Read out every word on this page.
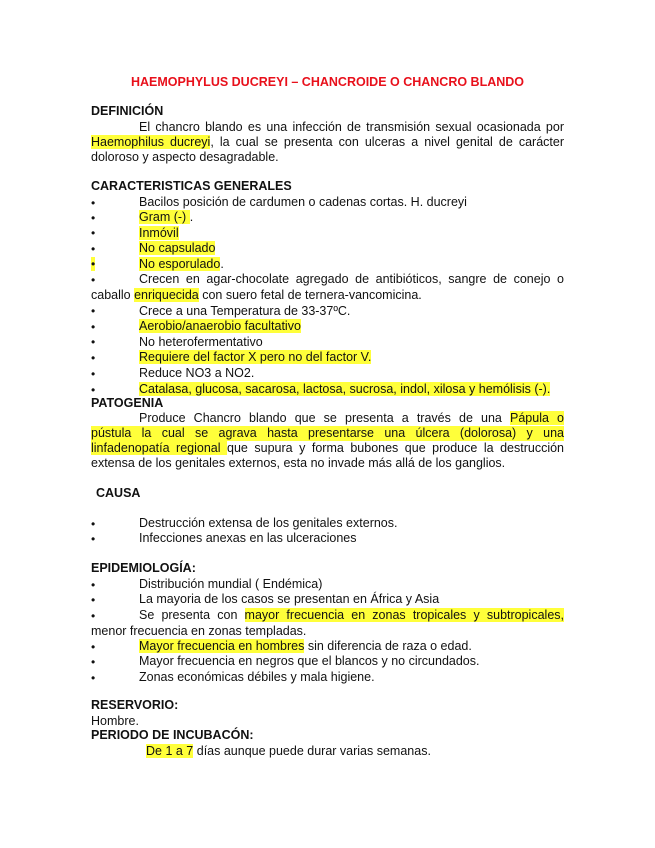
HAEMOPHYLUS DUCREYI – CHANCROIDE O CHANCRO BLANDO
DEFINICIÓN
El chancro blando es una infección de transmisión sexual ocasionada por
Haemophilus ducreyi, la cual se presenta con ulceras a nivel genital de carácter
doloroso y aspecto desagradable.
CARACTERISTICAS GENERALES
•	Bacilos posición de cardumen o cadenas cortas. H. ducreyi
•	Gram (-) .
•	Inmóvil
•	No capsulado
•	No esporulado.
•	Crecen en agar-chocolate agregado de antibióticos, sangre de conejo o
caballo enriquecida con suero fetal de ternera-vancomicina.
•	Crece a una Temperatura de 33-37ºC.
•	Aerobio/anaerobio facultativo
•	No heterofermentativo
•	Requiere del factor X pero no del factor V.
•	Reduce NO3 a NO2.
•	Catalasa, glucosa, sacarosa, lactosa, sucrosa, indol, xilosa y hemólisis (-).
PATOGENIA
Produce Chancro blando que se presenta a través de una Pápula o
pústula la cual se agrava hasta presentarse una úlcera (dolorosa) y una
linfadenopatía regional que supura y forma bubones que produce la destrucción
extensa de los genitales externos, esta no invade más allá de los ganglios.
CAUSA
•	Destrucción extensa de los genitales externos.
•	Infecciones anexas en las ulceraciones
EPIDEMIOLOGÍA:
•	Distribución mundial ( Endémica)
•	La mayoria de los casos se presentan en África y Asia
•	Se presenta con mayor frecuencia en zonas tropicales y subtropicales,
menor frecuencia en zonas templadas.
•	Mayor frecuencia en hombres sin diferencia de raza o edad.
•	Mayor frecuencia en negros que el blancos y no circundados.
•	Zonas económicas débiles y mala higiene.
RESERVORIO:
Hombre.
PERIODO DE INCUBACÓN:
De 1 a 7 días aunque puede durar varias semanas.
